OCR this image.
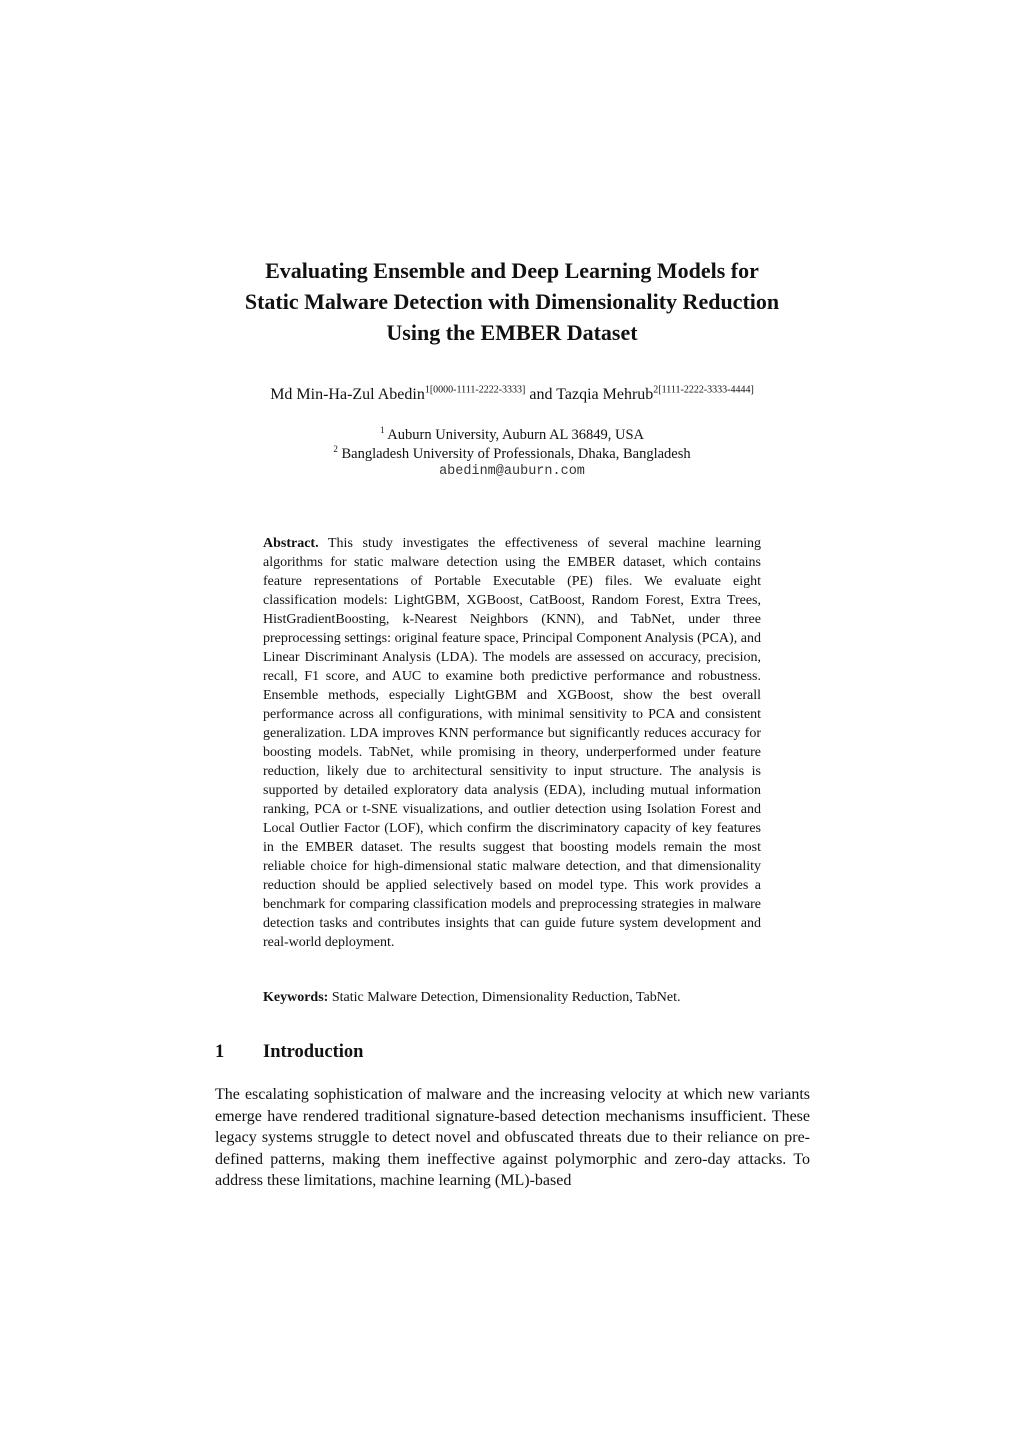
Evaluating Ensemble and Deep Learning Models for
Static Malware Detection with Dimensionality Reduction
Using the EMBER Dataset
Md Min-Ha-Zul Abedin$^{1[0000-1111-2222-3333]}$ and Tazqia Mehrub$^{2[1111-2222-3333-4444]}$
$^1$ Auburn University, Auburn AL 36849, USA
$^2$ Bangladesh University of Professionals, Dhaka, Bangladesh
abedinm@auburn.com

Abstract. This study investigates the effectiveness of several machine learning algorithms for static malware detection using the EMBER dataset, which contains feature representations of Portable Executable (PE) files. We evaluate eight classification models: LightGBM, XGBoost, CatBoost, Random Forest, Extra Trees, HistGradientBoosting, k-Nearest Neighbors (KNN), and TabNet, under three preprocessing settings: original feature space, Principal Component Analysis (PCA), and Linear Discriminant Analysis (LDA). The models are assessed on accuracy, precision, recall, F1 score, and AUC to examine both predictive performance and robustness. Ensemble methods, especially LightGBM and XGBoost, show the best overall performance across all configurations, with minimal sensitivity to PCA and consistent generalization. LDA improves KNN performance but significantly reduces accuracy for boosting models. TabNet, while promising in theory, underperformed under feature reduction, likely due to architectural sensitivity to input structure. The analysis is supported by detailed exploratory data analysis (EDA), including mutual information ranking, PCA or t-SNE visualizations, and outlier detection using Isolation Forest and Local Outlier Factor (LOF), which confirm the discriminatory capacity of key features in the EMBER dataset. The results suggest that boosting models remain the most reliable choice for high-dimensional static malware detection, and that dimensionality reduction should be applied selectively based on model type. This work provides a benchmark for comparing classification models and preprocessing strategies in malware detection tasks and contributes insights that can guide future system development and real-world deployment.

Keywords: Static Malware Detection, Dimensionality Reduction, TabNet.

1 Introduction

The escalating sophistication of malware and the increasing velocity at which new variants emerge have rendered traditional signature-based detection mechanisms insufficient. These legacy systems struggle to detect novel and obfuscated threats due to their reliance on pre-defined patterns, making them ineffective against polymorphic and zero-day attacks. To address these limitations, machine learning (ML)-based
